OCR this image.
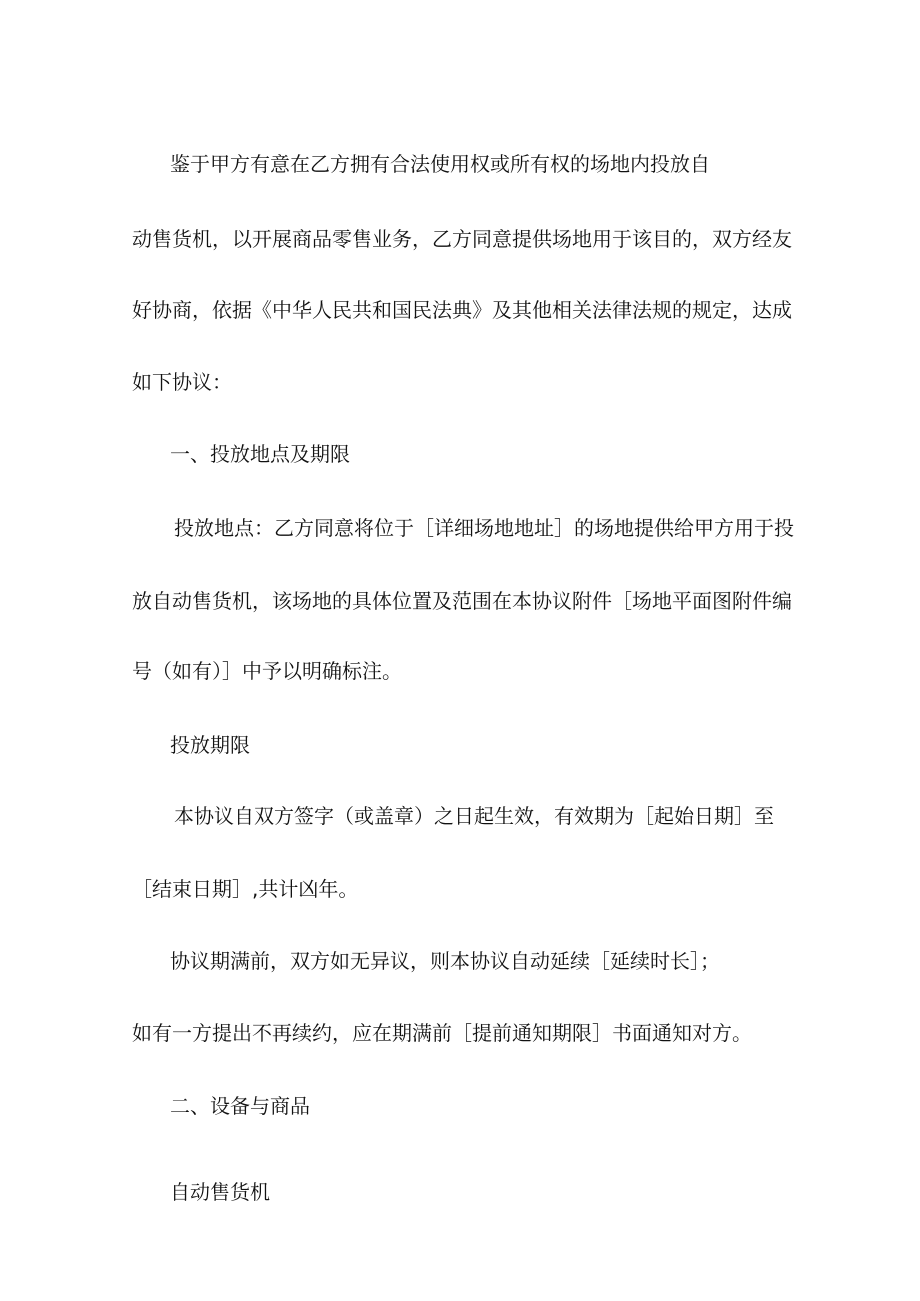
鉴于甲方有意在乙方拥有合法使用权或所有权的场地内投放自
动售货机，以开展商品零售业务，乙方同意提供场地用于该目的，双方经友
好协商，依据《中华人民共和国民法典》及其他相关法律法规的规定，达成
如下协议：
一、投放地点及期限
投放地点：乙方同意将位于［详细场地地址］的场地提供给甲方用于投
放自动售货机，该场地的具体位置及范围在本协议附件［场地平面图附件编
号（如有）］中予以明确标注。
投放期限
本协议自双方签字（或盖章）之日起生效，有效期为［起始日期］至
［结束日期］,共计凶年。
协议期满前，双方如无异议，则本协议自动延续［延续时长］；
如有一方提出不再续约，应在期满前［提前通知期限］书面通知对方。
二、设备与商品
自动售货机
